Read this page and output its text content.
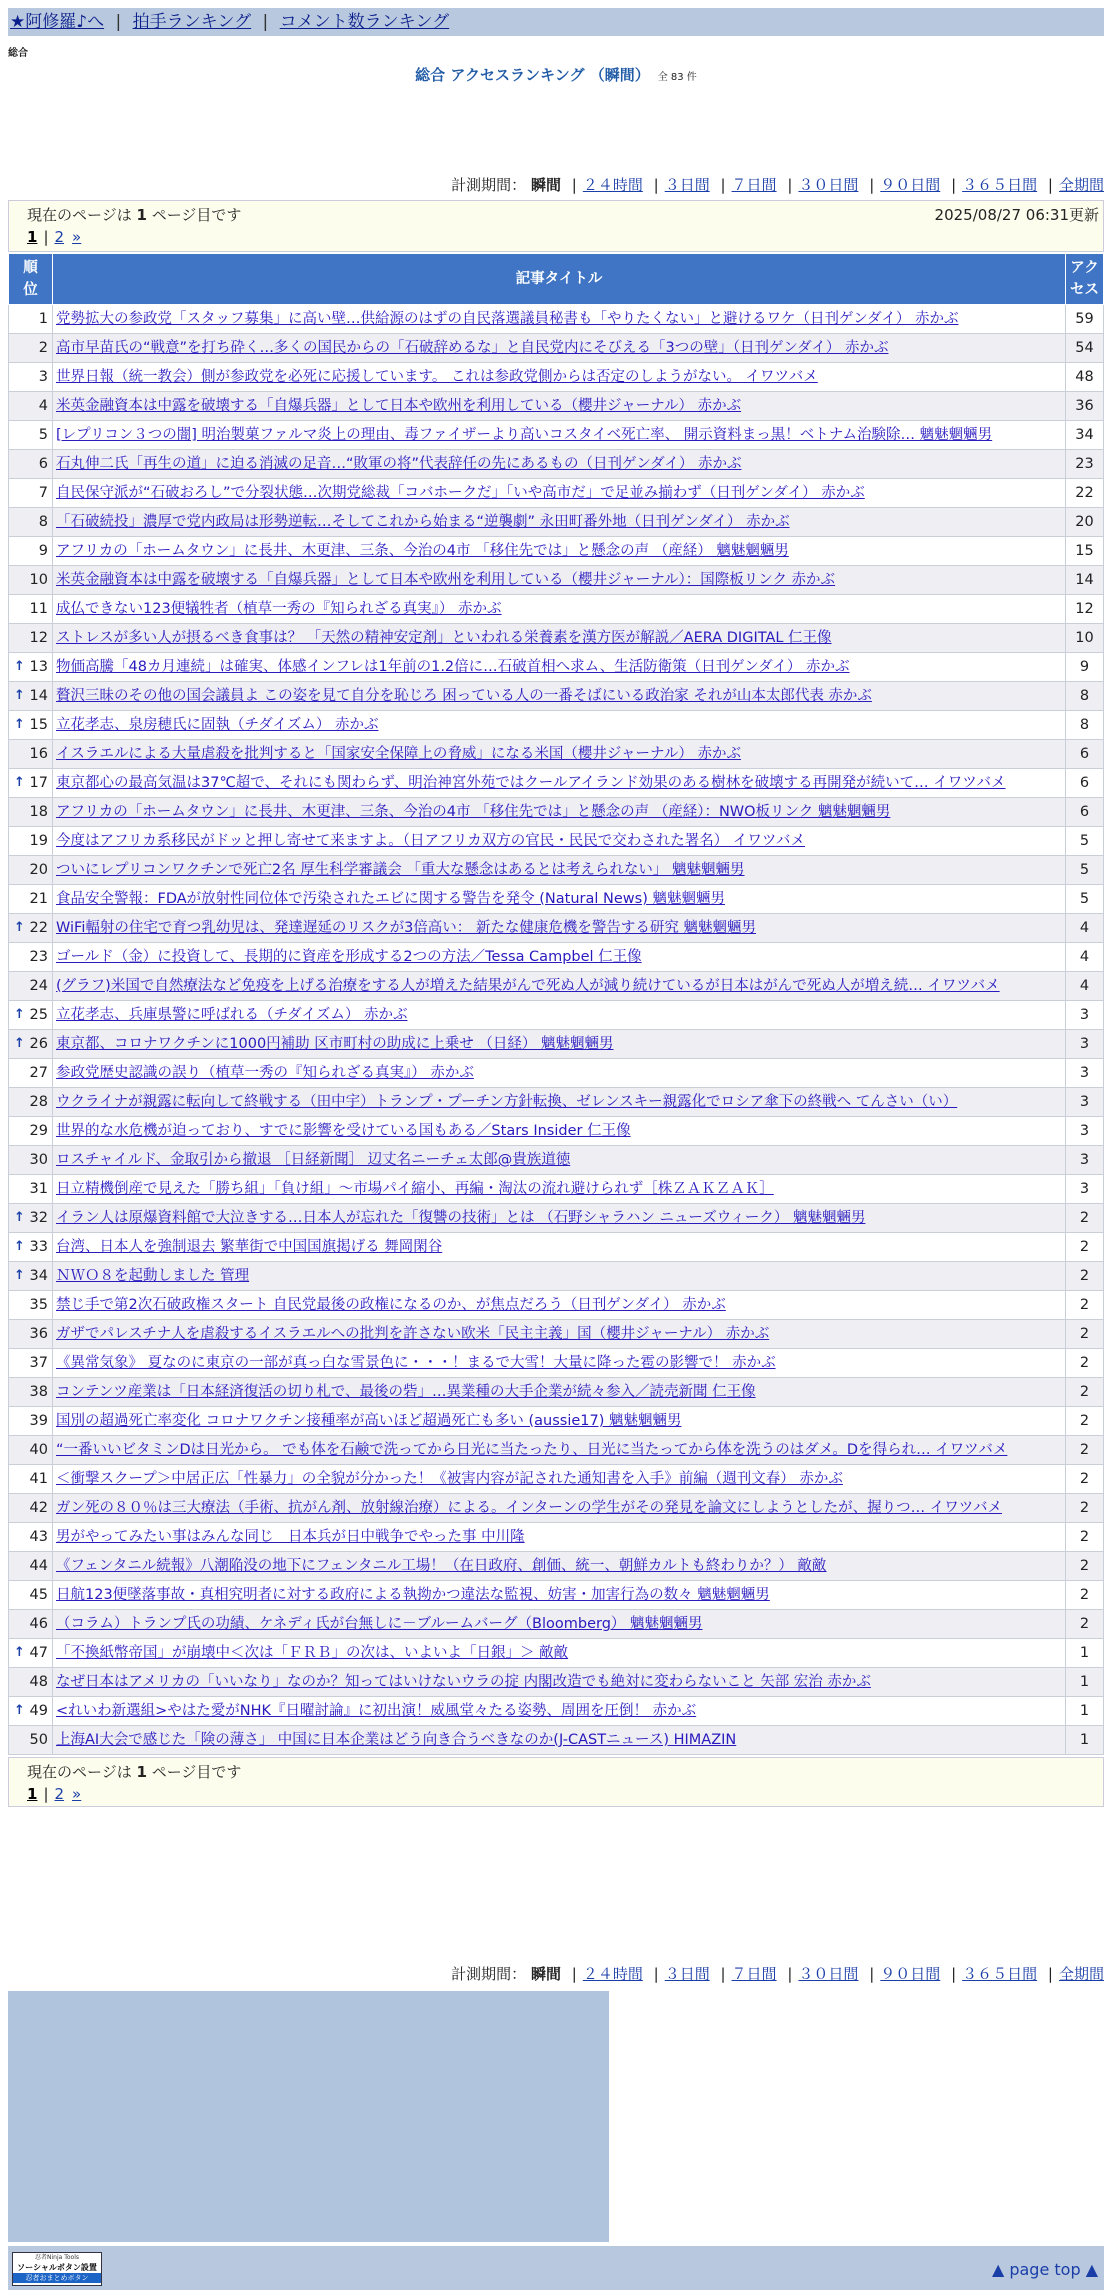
★阿修羅♪へ | 拍手ランキング | コメント数ランキング
総合
総合 アクセスランキング （瞬間） 全 83 件
計測期間： 瞬間 | ２４時間 | ３日間 | ７日間 | ３０日間 | ９０日間 | ３６５日間 | 全期間
現在のページは 1 ページ目です	2025/08/27 06:31更新
1 | 2 »
順位	記事タイトル	アクセス
1	党勢拡大の参政党「スタッフ募集」に高い壁…供給源のはずの自民落選議員秘書も「やりたくない」と避けるワケ（日刊ゲンダイ） 赤かぶ	59
2	高市早苗氏の“戦意”を打ち砕く…多くの国民からの「石破辞めるな」と自民党内にそびえる「3つの壁」（日刊ゲンダイ） 赤かぶ	54
3	世界日報（統一教会）側が参政党を必死に応援しています。 これは参政党側からは否定のしようがない。 イワツバメ	48
4	米英金融資本は中露を破壊する「自爆兵器」として日本や欧州を利用している（櫻井ジャーナル） 赤かぶ	36
5	[レプリコン３つの闇] 明治製菓ファルマ炎上の理由、毒ファイザーより高いコスタイベ死亡率、 開示資料まっ黒！ベトナム治験除… 魑魅魍魎男	34
6	石丸伸二氏「再生の道」に迫る消滅の足音…“敗軍の将”代表辞任の先にあるもの（日刊ゲンダイ） 赤かぶ	23
7	自民保守派が“石破おろし”で分裂状態…次期党総裁「コバホークだ」「いや高市だ」で足並み揃わず（日刊ゲンダイ） 赤かぶ	22
8	「石破続投」濃厚で党内政局は形勢逆転…そしてこれから始まる“逆襲劇” 永田町番外地（日刊ゲンダイ） 赤かぶ	20
9	アフリカの「ホームタウン」に長井、木更津、三条、今治の4市 「移住先では」と懸念の声 （産経） 魑魅魍魎男	15
10	米英金融資本は中露を破壊する「自爆兵器」として日本や欧州を利用している（櫻井ジャーナル）：国際板リンク 赤かぶ	14
11	成仏できない123便犠牲者（植草一秀の『知られざる真実』） 赤かぶ	12
12	ストレスが多い人が摂るべき食事は？ 「天然の精神安定剤」といわれる栄養素を漢方医が解説／AERA DIGITAL 仁王像	10

↑ 13	物価高騰「48カ月連続」は確実、体感インフレは1年前の1.2倍に…石破首相へ求ム、生活防衛策（日刊ゲンダイ） 赤かぶ	9

↑ 14	贅沢三昧のその他の国会議員よ この姿を見て自分を恥じろ 困っている人の一番そばにいる政治家 それが山本太郎代表 赤かぶ	8

↑ 15	立花孝志、泉房穂氏に固執（チダイズム） 赤かぶ	8
16	イスラエルによる大量虐殺を批判すると「国家安全保障上の脅威」になる米国（櫻井ジャーナル） 赤かぶ	6

↑ 17	東京都心の最高気温は37℃超で、それにも関わらず、明治神宮外苑ではクールアイランド効果のある樹林を破壊する再開発が続いて… イワツバメ	6
18	アフリカの「ホームタウン」に長井、木更津、三条、今治の4市 「移住先では」と懸念の声 （産経）：NWO板リンク 魑魅魍魎男	6
19	今度はアフリカ系移民がドッと押し寄せて来ますよ。（日アフリカ双方の官民・民民で交わされた署名） イワツバメ	5
20	ついにレプリコンワクチンで死亡2名 厚生科学審議会 「重大な懸念はあるとは考えられない」 魑魅魍魎男	5
21	食品安全警報：FDAが放射性同位体で汚染されたエビに関する警告を発令 (Natural News) 魑魅魍魎男	5

↑ 22	WiFi輻射の住宅で育つ乳幼児は、発達遅延のリスクが3倍高い： 新たな健康危機を警告する研究 魑魅魍魎男	4
23	ゴールド（金）に投資して、長期的に資産を形成する2つの方法／Tessa Campbel 仁王像	4
24	(グラフ)米国で自然療法など免疫を上げる治療をする人が増えた結果がんで死ぬ人が減り続けているが日本はがんで死ぬ人が増え続… イワツバメ	4

↑ 25	立花孝志、兵庫県警に呼ばれる（チダイズム） 赤かぶ	3

↑ 26	東京都、コロナワクチンに1000円補助 区市町村の助成に上乗せ （日経） 魑魅魍魎男	3
27	参政党歴史認識の誤り（植草一秀の『知られざる真実』） 赤かぶ	3
28	ウクライナが親露に転向して終戦する（田中宇）トランプ・プーチン方針転換、ゼレンスキー親露化でロシア傘下の終戦へ てんさい（い）	3
29	世界的な水危機が迫っており、すでに影響を受けている国もある／Stars Insider 仁王像	3
30	ロスチャイルド、金取引から撤退 ［日経新聞］ 辺丈名ニーチェ太郎@貴族道徳	3
31	日立精機倒産で見えた「勝ち組」「負け組」～市場パイ縮小、再編・淘汰の流れ避けられず［株ＺＡＫＺＡＫ］	3

↑ 32	イラン人は原爆資料館で大泣きする…日本人が忘れた「復讐の技術」とは （石野シャラハン ニューズウィーク） 魑魅魍魎男	2

↑ 33	台湾、日本人を強制退去 繁華街で中国国旗掲げる 舞岡閑谷	2

↑ 34	ＮＷＯ８を起動しました 管理	2
35	禁じ手で第2次石破政権スタート 自民党最後の政権になるのか、が焦点だろう（日刊ゲンダイ） 赤かぶ	2
36	ガザでパレスチナ人を虐殺するイスラエルへの批判を許さない欧米「民主主義」国（櫻井ジャーナル） 赤かぶ	2
37	《異常気象》 夏なのに東京の一部が真っ白な雪景色に・・・！まるで大雪！大量に降った雹の影響で！ 赤かぶ	2
38	コンテンツ産業は「日本経済復活の切り札で、最後の砦」…異業種の大手企業が続々参入／読売新聞 仁王像	2
39	国別の超過死亡率変化 コロナワクチン接種率が高いほど超過死亡も多い (aussie17) 魑魅魍魎男	2
40	“一番いいビタミンDは日光から。 でも体を石鹸で洗ってから日光に当たったり、日光に当たってから体を洗うのはダメ。Dを得られ… イワツバメ	2
41	＜衝撃スクープ＞中居正広「性暴力」の全貌が分かった！《被害内容が記された通知書を入手》前編（週刊文春） 赤かぶ	2
42	ガン死の８０％は三大療法（手術、抗がん剤、放射線治療）による。インターンの学生がその発見を論文にしようとしたが、握りつ… イワツバメ	2
43	男がやってみたい事はみんな同じ＿日本兵が日中戦争でやった事 中川隆	2
44	《フェンタニル続報》八潮陥没の地下にフェンタニル工場！（在日政府、創価、統一、朝鮮カルトも終わりか？） 敵敵	2
45	日航123便墜落事故・真相究明者に対する政府による執拗かつ違法な監視、妨害・加害行為の数々 魑魅魍魎男	2
46	（コラム）トランプ氏の功績、ケネディ氏が台無しに－ブルームバーグ（Bloomberg） 魑魅魍魎男	2

↑ 47	「不換紙幣帝国」が崩壊中＜次は「ＦＲＢ」の次は、いよいよ「日銀」＞ 敵敵	1
48	なぜ日本はアメリカの「いいなり」なのか？知ってはいけないウラの掟 内閣改造でも絶対に変わらないこと 矢部 宏治 赤かぶ	1

↑ 49	<れいわ新選組>やはた愛がNHK『日曜討論』に初出演！威風堂々たる姿勢、周囲を圧倒！ 赤かぶ	1
50	上海AI大会で感じた「険の薄さ」 中国に日本企業はどう向き合うべきなのか(J-CASTニュース) HIMAZIN	1
計測期間： 瞬間 | ２４時間 | ３日間 | ７日間 | ３０日間 | ９０日間 | ３６５日間 | 全期間
現在のページは 1 ページ目です
1 | 2 »
忍者Ninja Tools
ソーシャルボタン設置
忍者おまとめボタン	▲ page top ▲
